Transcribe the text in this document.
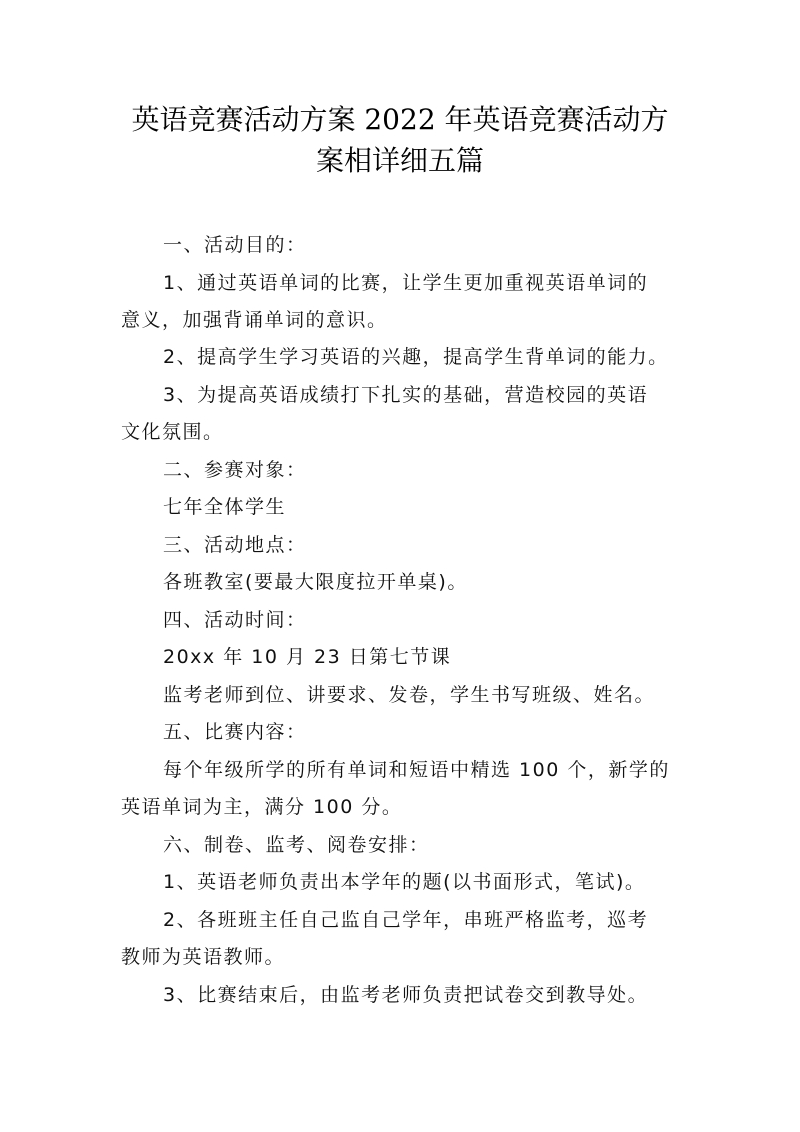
英语竞赛活动方案 2022 年英语竞赛活动方
案相详细五篇
一、活动目的：
1、通过英语单词的比赛，让学生更加重视英语单词的
意义，加强背诵单词的意识。
2、提高学生学习英语的兴趣，提高学生背单词的能力。
3、为提高英语成绩打下扎实的基础，营造校园的英语
文化氛围。
二、参赛对象：
七年全体学生
三、活动地点：
各班教室(要最大限度拉开单桌)。
四、活动时间：
20xx 年 10 月 23 日第七节课
监考老师到位、讲要求、发卷，学生书写班级、姓名。
五、比赛内容：
每个年级所学的所有单词和短语中精选 100 个，新学的
英语单词为主，满分 100 分。
六、制卷、监考、阅卷安排：
1、英语老师负责出本学年的题(以书面形式，笔试)。
2、各班班主任自己监自己学年，串班严格监考，巡考
教师为英语教师。
3、比赛结束后，由监考老师负责把试卷交到教导处。
